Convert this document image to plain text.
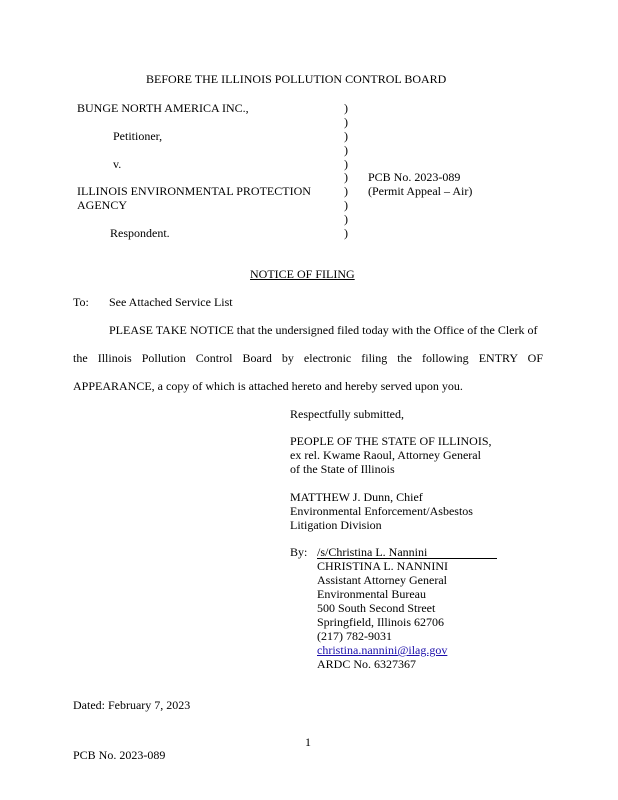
BEFORE THE ILLINOIS POLLUTION CONTROL BOARD
BUNGE NORTH AMERICA INC.,
Petitioner,
v.
ILLINOIS ENVIRONMENTAL PROTECTION
AGENCY
Respondent.
)
)
)
)
)
)
)
)
)
)
PCB No. 2023-089
(Permit Appeal – Air)
NOTICE OF FILING
To: See Attached Service List
PLEASE TAKE NOTICE that the undersigned filed today with the Office of the Clerk of
the Illinois Pollution Control Board by electronic filing the following ENTRY OF
APPEARANCE, a copy of which is attached hereto and hereby served upon you.
Respectfully submitted,
PEOPLE OF THE STATE OF ILLINOIS,
ex rel. Kwame Raoul, Attorney General
of the State of Illinois
MATTHEW J. Dunn, Chief
Environmental Enforcement/Asbestos
Litigation Division
By: /s/Christina L. Nannini
CHRISTINA L. NANNINI
Assistant Attorney General
Environmental Bureau
500 South Second Street
Springfield, Illinois 62706
(217) 782-9031
christina.nannini@ilag.gov
ARDC No. 6327367
Dated: February 7, 2023
1
PCB No. 2023-089
